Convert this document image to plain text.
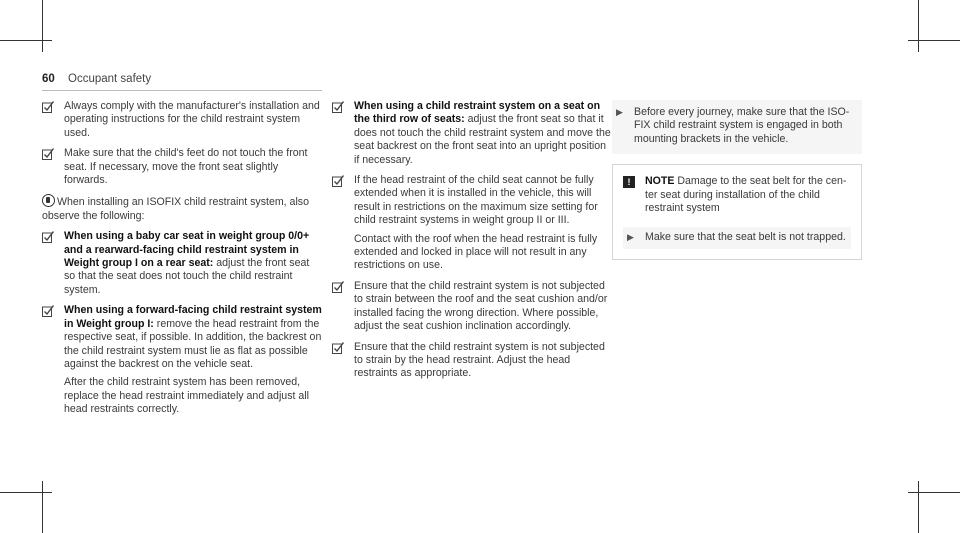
60 Occupant safety
Always comply with the manufacturer's installation and operating instructions for the child restraint system used.
Make sure that the child's feet do not touch the front seat. If necessary, move the front seat slightly forwards.
When installing an ISOFIX child restraint system, also observe the following:
When using a baby car seat in weight group 0/0+ and a rearward-facing child restraint system in Weight group I on a rear seat: adjust the front seat so that the seat does not touch the child restraint system.
When using a forward-facing child restraint system in Weight group I: remove the head restraint from the respective seat, if possible. In addition, the backrest on the child restraint system must lie as flat as possible against the backrest on the vehicle seat.
After the child restraint system has been removed, replace the head restraint immediately and adjust all head restraints correctly.
When using a child restraint system on a seat on the third row of seats: adjust the front seat so that it does not touch the child restraint system and move the seat backrest on the front seat into an upright position if necessary.
If the head restraint of the child seat cannot be fully extended when it is installed in the vehicle, this will result in restrictions on the maximum size setting for child restraint systems in weight group II or III.
Contact with the roof when the head restraint is fully extended and locked in place will not result in any restrictions on use.
Ensure that the child restraint system is not subjected to strain between the roof and the seat cushion and/or installed facing the wrong direction. Where possible, adjust the seat cushion inclination accordingly.
Ensure that the child restraint system is not subjected to strain by the head restraint. Adjust the head restraints as appropriate.
▶	Before every journey, make sure that the ISOFIX child restraint system is engaged in both mounting brackets in the vehicle.
!	NOTE Damage to the seat belt for the center seat during installation of the child restraint system
▶	Make sure that the seat belt is not trapped.
